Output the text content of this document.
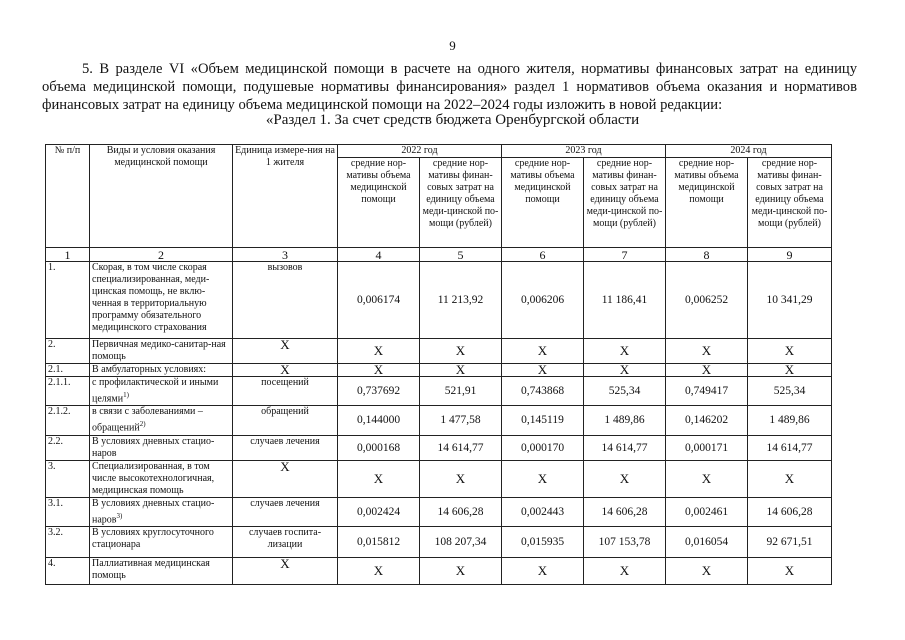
9
5. В разделе VI «Объем медицинской помощи в расчете на одного жителя, нормативы финансовых затрат на единицу объема медицинской помощи, подушевые нормативы финансирования» раздел 1 нормативов объема оказания и нормативов финансовых затрат на единицу объема медицинской помощи на 2022–2024 годы изложить в новой редакции:
«Раздел 1. За счет средств бюджета Оренбургской области
№ п/п	Виды и условия оказания медицинской помощи	Единица измере-ния на 1 жителя	2022 год		2023 год		2024 год	
			средние нор-мативы объема медицинской помощи	средние нор-мативы финан-совых затрат на единицу объема меди-цинской по-мощи (рублей)	средние нор-мативы объема медицинской помощи	средние нор-мативы финан-совых затрат на единицу объема меди-цинской по-мощи (рублей)	средние нор-мативы объема медицинской помощи	средние нор-мативы финан-совых затрат на единицу объема меди-цинской по-мощи (рублей)
1	2	3	4	5	6	7	8	9
1.	Скорая, в том числе скорая специализированная, меди-цинская помощь, не вклю-ченная в территориальную программу обязательного медицинского страхования	вызовов	0,006174	11 213,92	0,006206	11 186,41	0,006252	10 341,29
2.	Первичная медико-санитар-ная помощь	Х	Х	Х	Х	Х	Х	Х
2.1.	В амбулаторных условиях:	Х	Х	Х	Х	Х	Х	Х
2.1.1.	с профилактической и иными целями$^{1)}$	посещений	0,737692	521,91	0,743868	525,34	0,749417	525,34
2.1.2.	в связи с заболеваниями – обращений$^{2)}$	обращений	0,144000	1 477,58	0,145119	1 489,86	0,146202	1 489,86
2.2.	В условиях дневных стацио-наров	случаев лечения	0,000168	14 614,77	0,000170	14 614,77	0,000171	14 614,77
3.	Специализированная, в том числе высокотехнологичная, медицинская помощь	Х	Х	Х	Х	Х	Х	Х
3.1.	В условиях дневных стацио-наров$^{3)}$	случаев лечения	0,002424	14 606,28	0,002443	14 606,28	0,002461	14 606,28
3.2.	В условиях круглосуточного стационара	случаев госпита-лизации	0,015812	108 207,34	0,015935	107 153,78	0,016054	92 671,51
4.	Паллиативная медицинская помощь	Х	Х	Х	Х	Х	Х	Х
